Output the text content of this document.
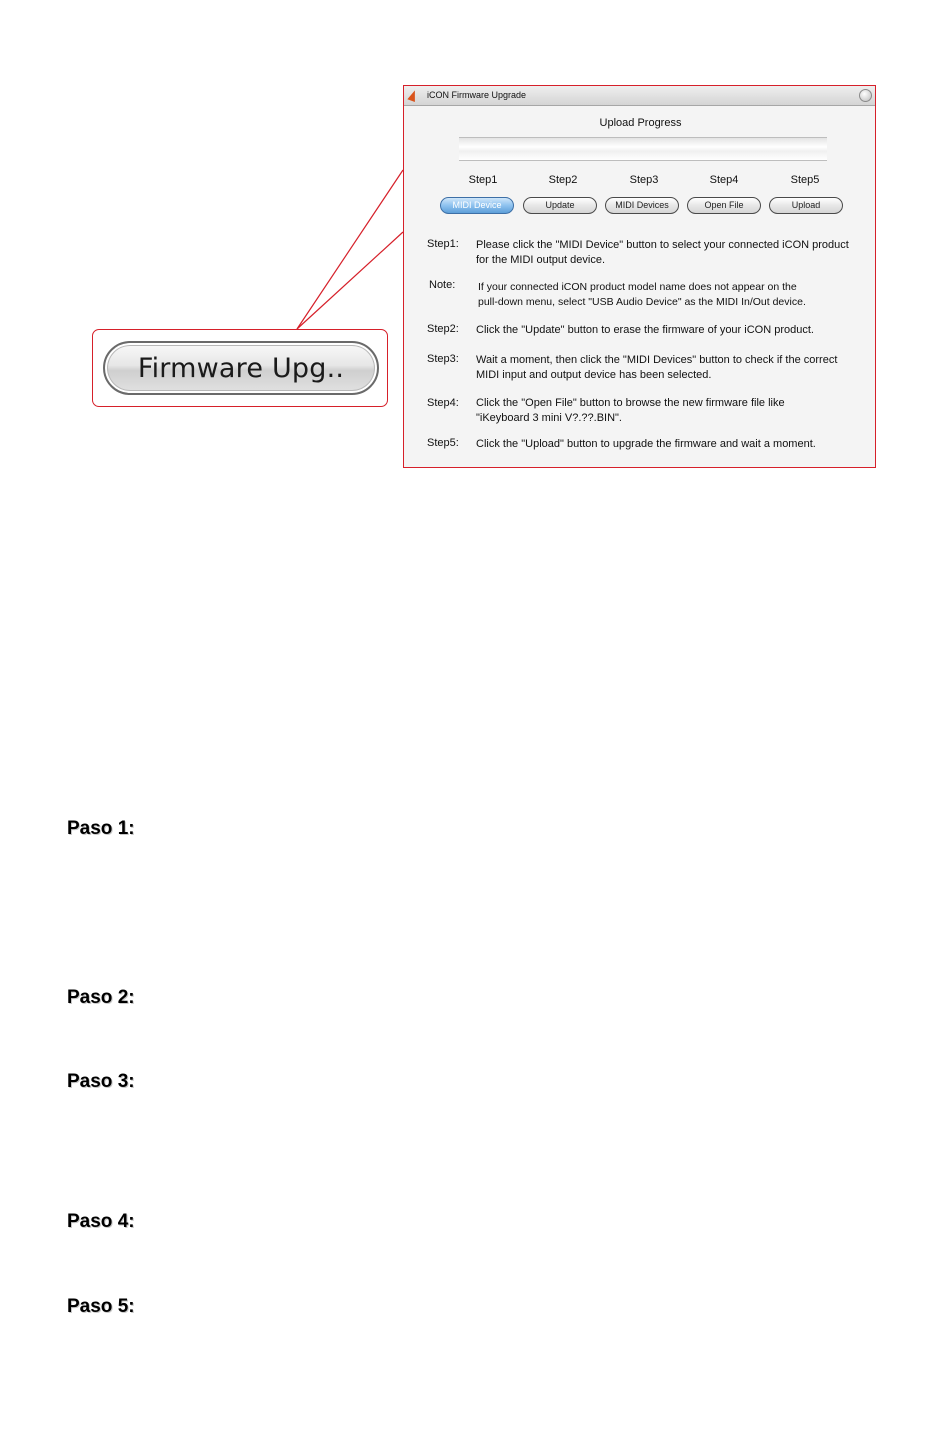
Firmware Upg..
iCON Firmware Upgrade
Upload Progress
Step1	Step2	Step3	Step4	Step5
MIDI Device	Update	MIDI Devices	Open File	Upload
Step1: Please click the "MIDI Device" button to select your connected iCON product
for the MIDI output device.
Note: If your connected iCON product model name does not appear on the
pull-down menu, select "USB Audio Device" as the MIDI In/Out device.
Step2: Click the "Update" button to erase the firmware of your iCON product.
Step3: Wait a moment, then click the "MIDI Devices" button to check if the correct
MIDI input and output device has been selected.
Step4: Click the "Open File" button to browse the new firmware file like
"iKeyboard 3 mini V?.??.BIN".
Step5: Click the "Upload" button to upgrade the firmware and wait a moment.
Paso 1:
Paso 2:
Paso 3:
Paso 4:
Paso 5:
